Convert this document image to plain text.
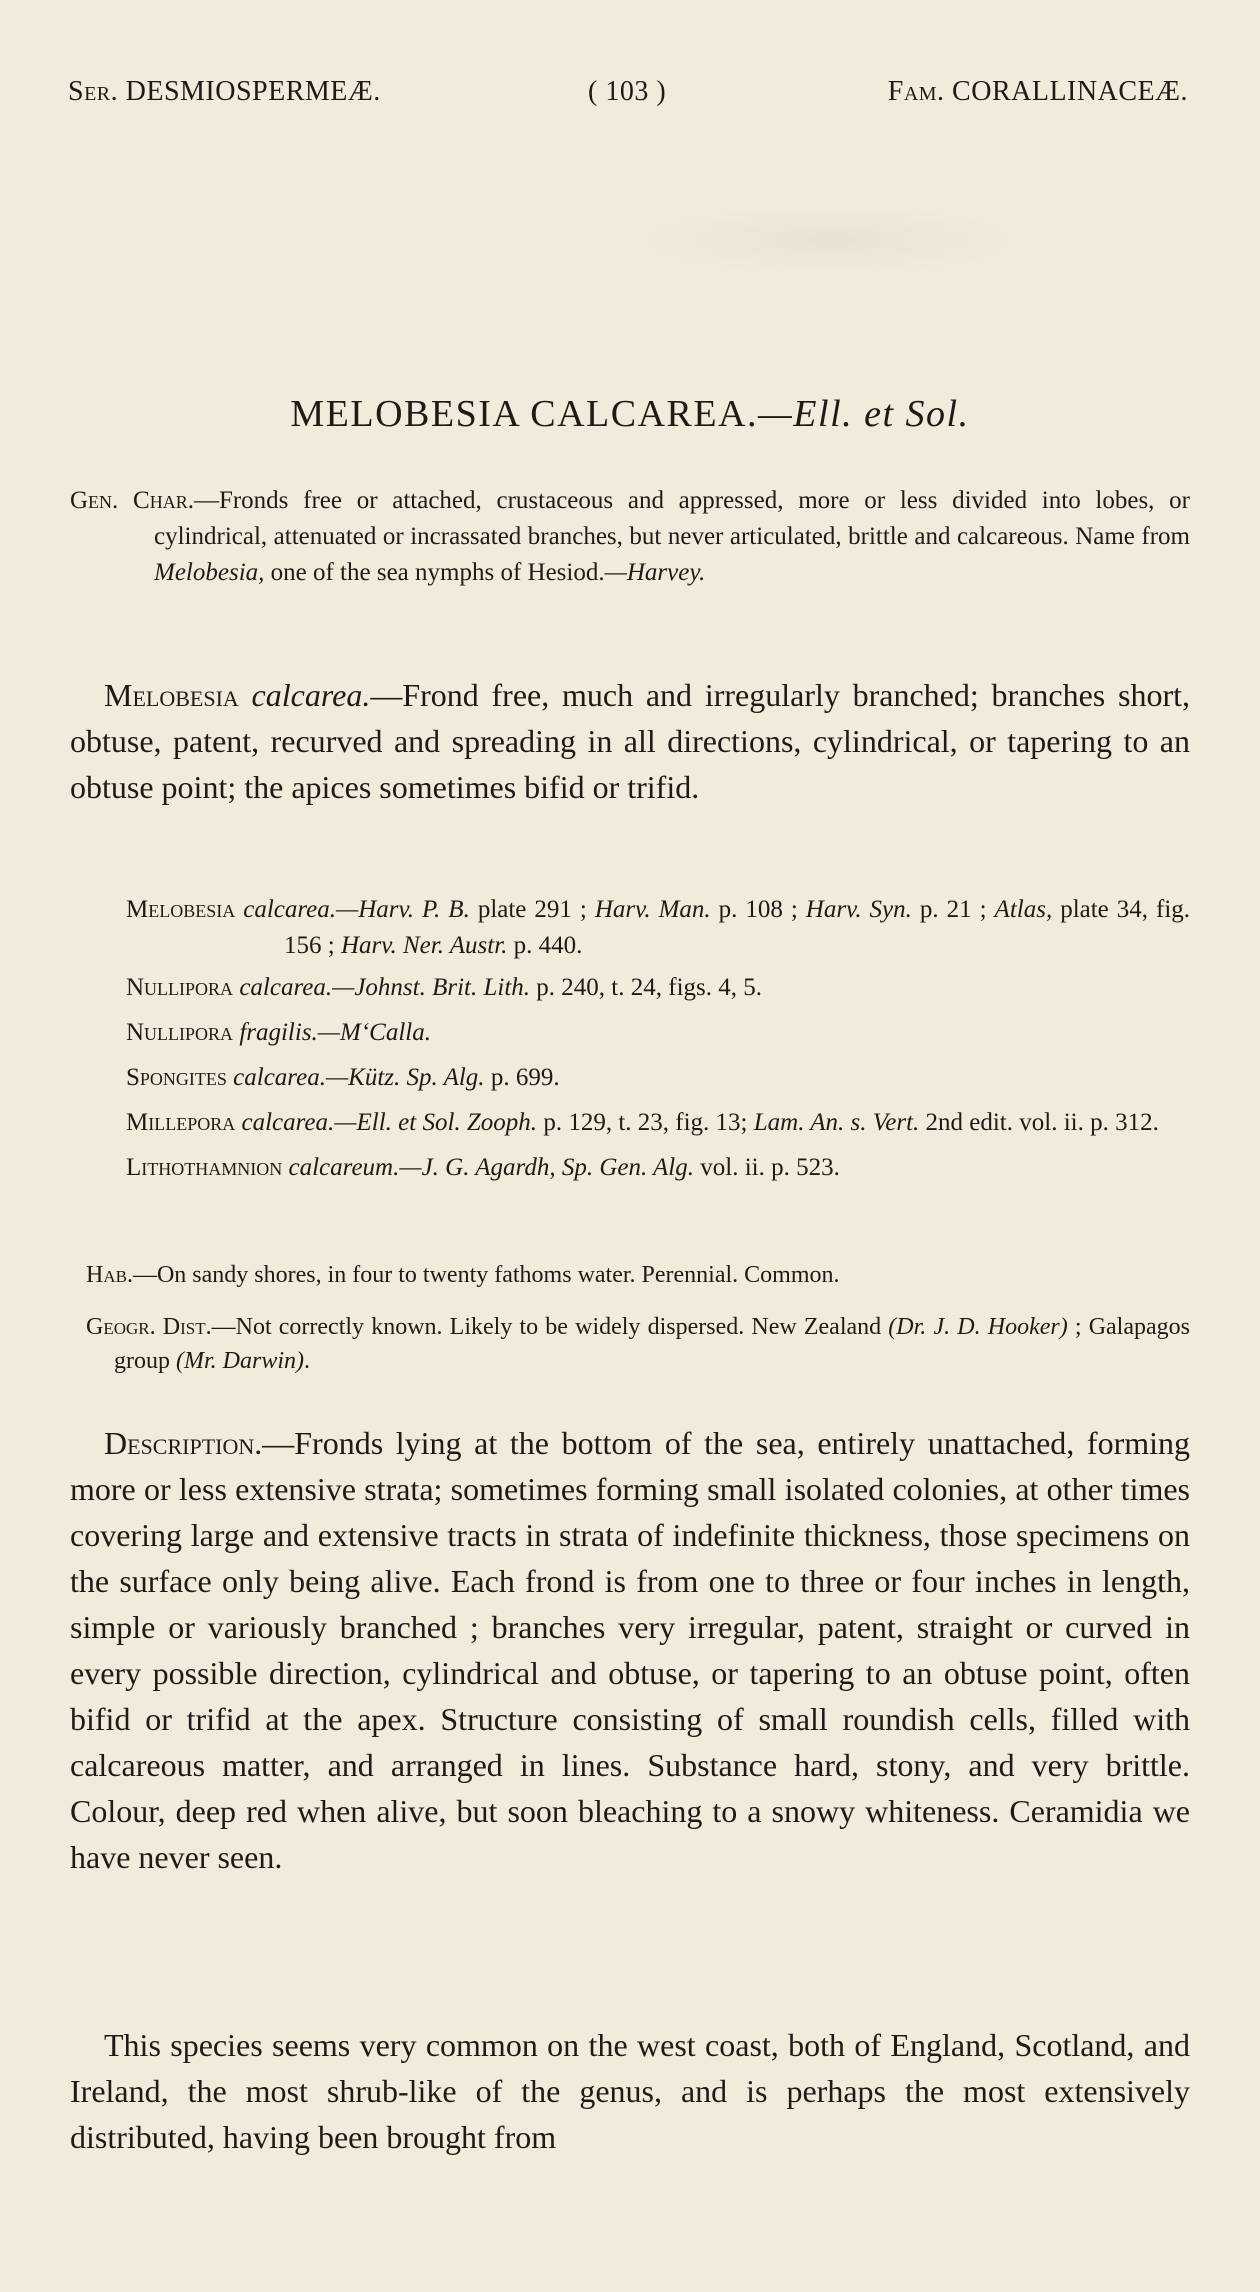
Ser. DESMIOSPERMEÆ.	( 103 )	Fam. CORALLINACEÆ.
MELOBESIA CALCAREA.—Ell. et Sol.
Gen. Char.—Fronds free or attached, crustaceous and appressed, more or less divided into lobes, or cylindrical, attenuated or incrassated branches, but never articulated, brittle and calcareous. Name from Melobesia, one of the sea nymphs of Hesiod.—Harvey.
Melobesia calcarea.—Frond free, much and irregularly branched; branches short, obtuse, patent, recurved and spreading in all directions, cylindrical, or tapering to an obtuse point; the apices sometimes bifid or trifid.
Melobesia calcarea.—Harv. P. B. plate 291 ; Harv. Man. p. 108 ; Harv. Syn. p. 21 ; Atlas, plate 34, fig. 156 ; Harv. Ner. Austr. p. 440.
Nullipora calcarea.—Johnst. Brit. Lith. p. 240, t. 24, figs. 4, 5.
Nullipora fragilis.—M‘Calla.
Spongites calcarea.—Kütz. Sp. Alg. p. 699.
Millepora calcarea.—Ell. et Sol. Zooph. p. 129, t. 23, fig. 13; Lam. An. s. Vert. 2nd edit. vol. ii. p. 312.
Lithothamnion calcareum.—J. G. Agardh, Sp. Gen. Alg. vol. ii. p. 523.
Hab.—On sandy shores, in four to twenty fathoms water. Perennial. Common.
Geogr. Dist.—Not correctly known. Likely to be widely dispersed. New Zealand (Dr. J. D. Hooker) ; Galapagos group (Mr. Darwin).
Description.—Fronds lying at the bottom of the sea, entirely unattached, forming more or less extensive strata; sometimes forming small isolated colonies, at other times covering large and extensive tracts in strata of indefinite thickness, those specimens on the surface only being alive. Each frond is from one to three or four inches in length, simple or variously branched ; branches very irregular, patent, straight or curved in every possible direction, cylindrical and obtuse, or tapering to an obtuse point, often bifid or trifid at the apex. Structure consisting of small roundish cells, filled with calcareous matter, and arranged in lines. Substance hard, stony, and very brittle. Colour, deep red when alive, but soon bleaching to a snowy whiteness. Ceramidia we have never seen.
This species seems very common on the west coast, both of England, Scotland, and Ireland, the most shrub-like of the genus, and is perhaps the most extensively distributed, having been brought from
